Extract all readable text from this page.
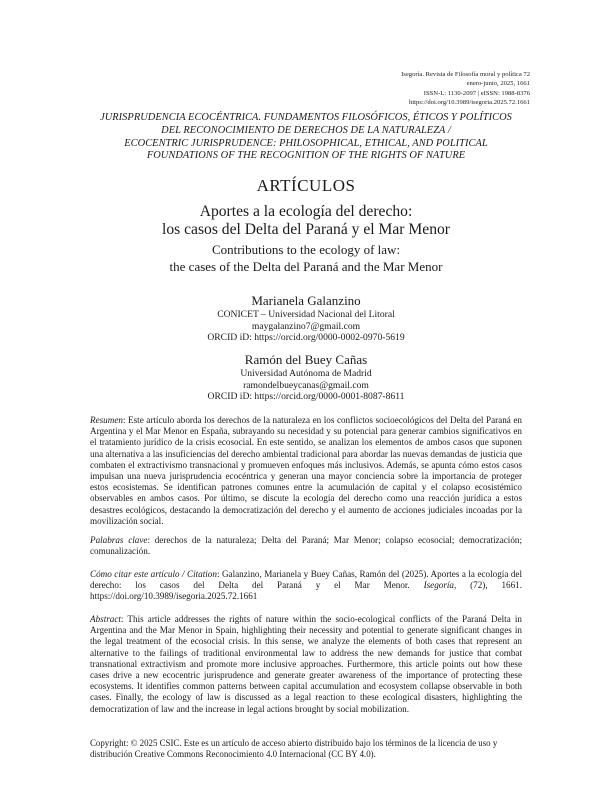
Isegoría. Revista de Filosofía moral y política 72
enero-junio, 2025, 1661
ISSN-L: 1130-2097 | eISSN: 1988-8376
https://doi.org/10.3989/isegoria.2025.72.1661
JURISPRUDENCIA ECOCÉNTRICA. FUNDAMENTOS FILOSÓFICOS, ÉTICOS Y POLÍTICOS DEL RECONOCIMIENTO DE DERECHOS DE LA NATURALEZA /
ECOCENTRIC JURISPRUDENCE: PHILOSOPHICAL, ETHICAL, AND POLITICAL FOUNDATIONS OF THE RECOGNITION OF THE RIGHTS OF NATURE
ARTÍCULOS
Aportes a la ecología del derecho:
los casos del Delta del Paraná y el Mar Menor
Contributions to the ecology of law:
the cases of the Delta del Paraná and the Mar Menor
Marianela Galanzino
CONICET – Universidad Nacional del Litoral
maygalanzino7@gmail.com
ORCID iD: https://orcid.org/0000-0002-0970-5619
Ramón del Buey Cañas
Universidad Autónoma de Madrid
ramondelbueycanas@gmail.com
ORCID iD: https://orcid.org/0000-0001-8087-8611
Resumen: Este artículo aborda los derechos de la naturaleza en los conflictos socioecológicos del Delta del Paraná en Argentina y el Mar Menor en España, subrayando su necesidad y su potencial para generar cambios significativos en el tratamiento jurídico de la crisis ecosocial. En este sentido, se analizan los elementos de ambos casos que suponen una alternativa a las insuficiencias del derecho ambiental tradicional para abordar las nuevas demandas de justicia que combaten el extractivismo transnacional y promueven enfoques más inclusivos. Además, se apunta cómo estos casos impulsan una nueva jurisprudencia ecocéntrica y generan una mayor conciencia sobre la importancia de proteger estos ecosistemas. Se identifican patrones comunes entre la acumulación de capital y el colapso ecosistémico observables en ambos casos. Por último, se discute la ecología del derecho como una reacción jurídica a estos desastres ecológicos, destacando la democratización del derecho y el aumento de acciones judiciales incoadas por la movilización social.
Palabras clave: derechos de la naturaleza; Delta del Paraná; Mar Menor; colapso ecosocial; democratización; comunalización.
Cómo citar este artículo / Citation: Galanzino, Marianela y Buey Cañas, Ramón del (2025). Aportes a la ecología del derecho: los casos del Delta del Paraná y el Mar Menor. Isegoría, (72), 1661. https://doi.org/10.3989/isegoria.2025.72.1661
Abstract: This article addresses the rights of nature within the socio-ecological conflicts of the Paraná Delta in Argentina and the Mar Menor in Spain, highlighting their necessity and potential to generate significant changes in the legal treatment of the ecosocial crisis. In this sense, we analyze the elements of both cases that represent an alternative to the failings of traditional environmental law to address the new demands for justice that combat transnational extractivism and promote more inclusive approaches. Furthermore, this article points out how these cases drive a new ecocentric jurisprudence and generate greater awareness of the importance of protecting these ecosystems. It identifies common patterns between capital accumulation and ecosystem collapse observable in both cases. Finally, the ecology of law is discussed as a legal reaction to these ecological disasters, highlighting the democratization of law and the increase in legal actions brought by social mobilization.
Copyright: © 2025 CSIC. Este es un artículo de acceso abierto distribuido bajo los términos de la licencia de uso y distribución Creative Commons Reconocimiento 4.0 Internacional (CC BY 4.0).
